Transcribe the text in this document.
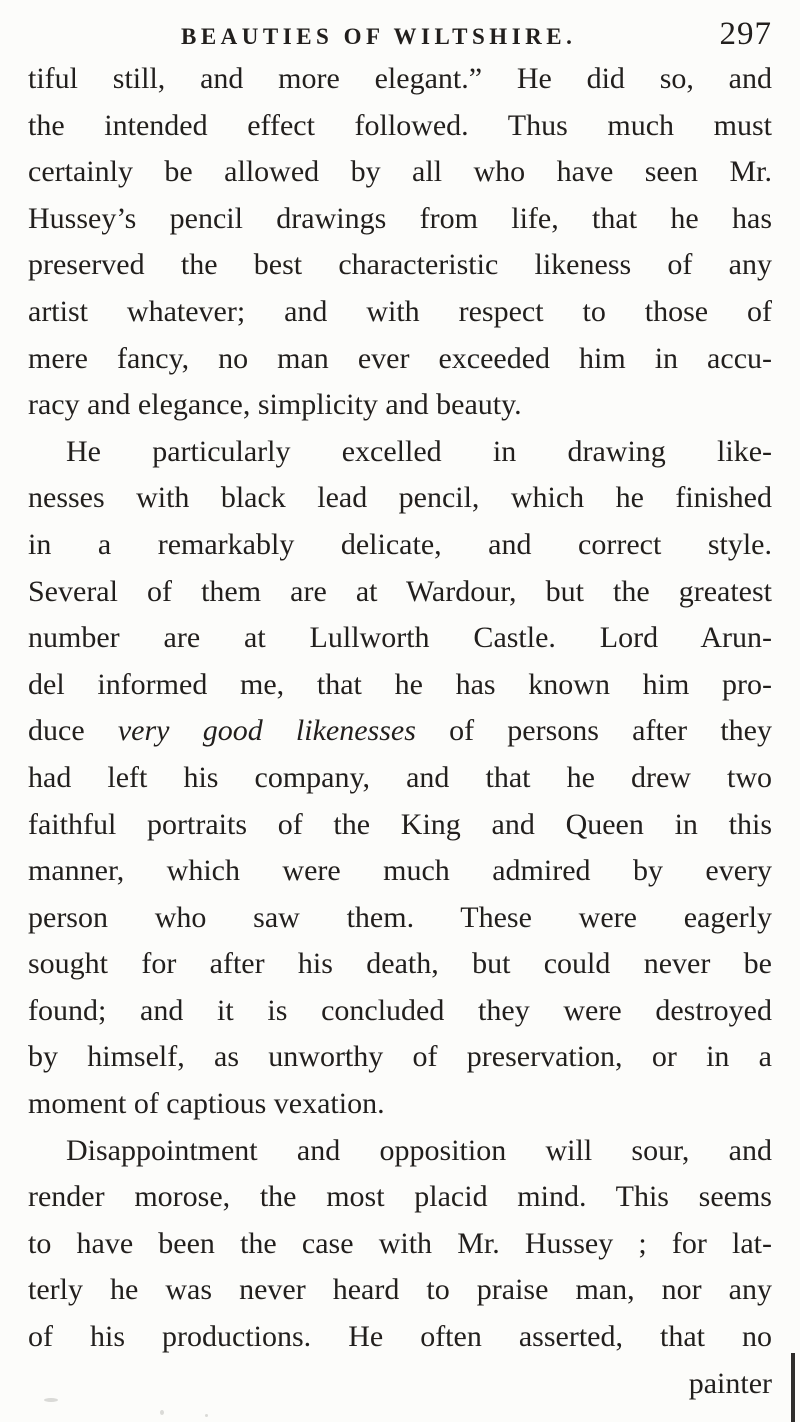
BEAUTIES OF WILTSHIRE.	297
tiful still, and more elegant.” He did so, and
the intended effect followed. Thus much must
certainly be allowed by all who have seen Mr.
Hussey’s pencil drawings from life, that he has
preserved the best characteristic likeness of any
artist whatever; and with respect to those of
mere fancy, no man ever exceeded him in accu-
racy and elegance, simplicity and beauty.
He particularly excelled in drawing like-
nesses with black lead pencil, which he finished
in a remarkably delicate, and correct style.
Several of them are at Wardour, but the greatest
number are at Lullworth Castle. Lord Arun-
del informed me, that he has known him pro-
duce very good likenesses of persons after they
had left his company, and that he drew two
faithful portraits of the King and Queen in this
manner, which were much admired by every
person who saw them. These were eagerly
sought for after his death, but could never be
found; and it is concluded they were destroyed
by himself, as unworthy of preservation, or in a
moment of captious vexation.
Disappointment and opposition will sour, and
render morose, the most placid mind. This seems
to have been the case with Mr. Hussey ; for lat-
terly he was never heard to praise man, nor any
of his productions. He often asserted, that no
painter
